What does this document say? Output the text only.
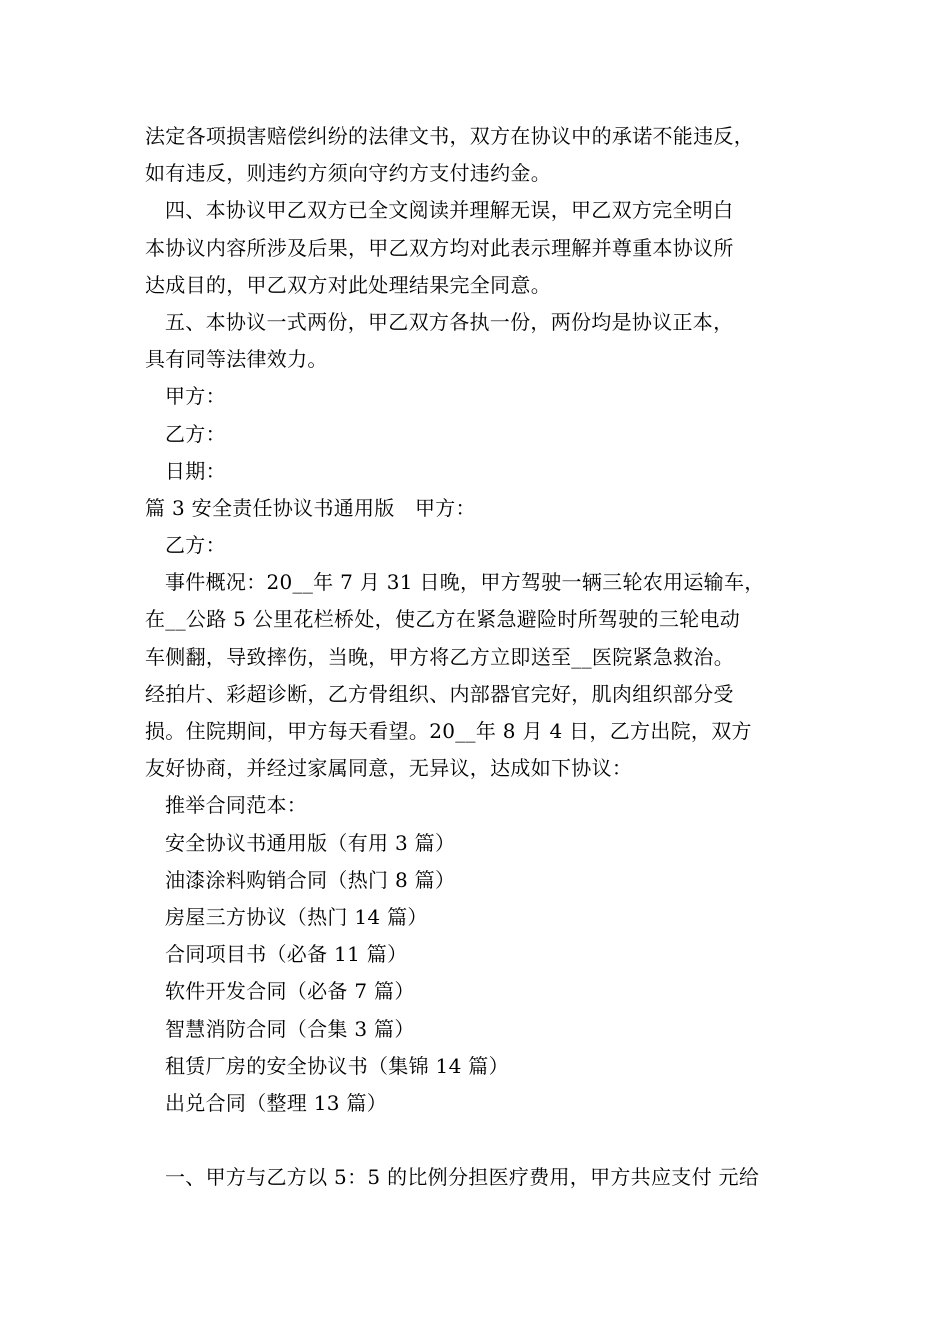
法定各项损害赔偿纠纷的法律文书，双方在协议中的承诺不能违反，
如有违反，则违约方须向守约方支付违约金。
四、本协议甲乙双方已全文阅读并理解无误，甲乙双方完全明白
本协议内容所涉及后果，甲乙双方均对此表示理解并尊重本协议所
达成目的，甲乙双方对此处理结果完全同意。
五、本协议一式两份，甲乙双方各执一份，两份均是协议正本，
具有同等法律效力。
甲方：
乙方：
日期：
篇 3 安全责任协议书通用版　甲方：
乙方：
事件概况：20__年 7 月 31 日晚，甲方驾驶一辆三轮农用运输车，
在__公路 5 公里花栏桥处，使乙方在紧急避险时所驾驶的三轮电动
车侧翻，导致摔伤，当晚，甲方将乙方立即送至__医院紧急救治。
经拍片、彩超诊断，乙方骨组织、内部器官完好，肌肉组织部分受
损。住院期间，甲方每天看望。20__年 8 月 4 日，乙方出院，双方
友好协商，并经过家属同意，无异议，达成如下协议：
推举合同范本：
安全协议书通用版（有用 3 篇）
油漆涂料购销合同（热门 8 篇）
房屋三方协议（热门 14 篇）
合同项目书（必备 11 篇）
软件开发合同（必备 7 篇）
智慧消防合同（合集 3 篇）
租赁厂房的安全协议书（集锦 14 篇）
出兑合同（整理 13 篇）
一、甲方与乙方以 5：5 的比例分担医疗费用，甲方共应支付 元给
